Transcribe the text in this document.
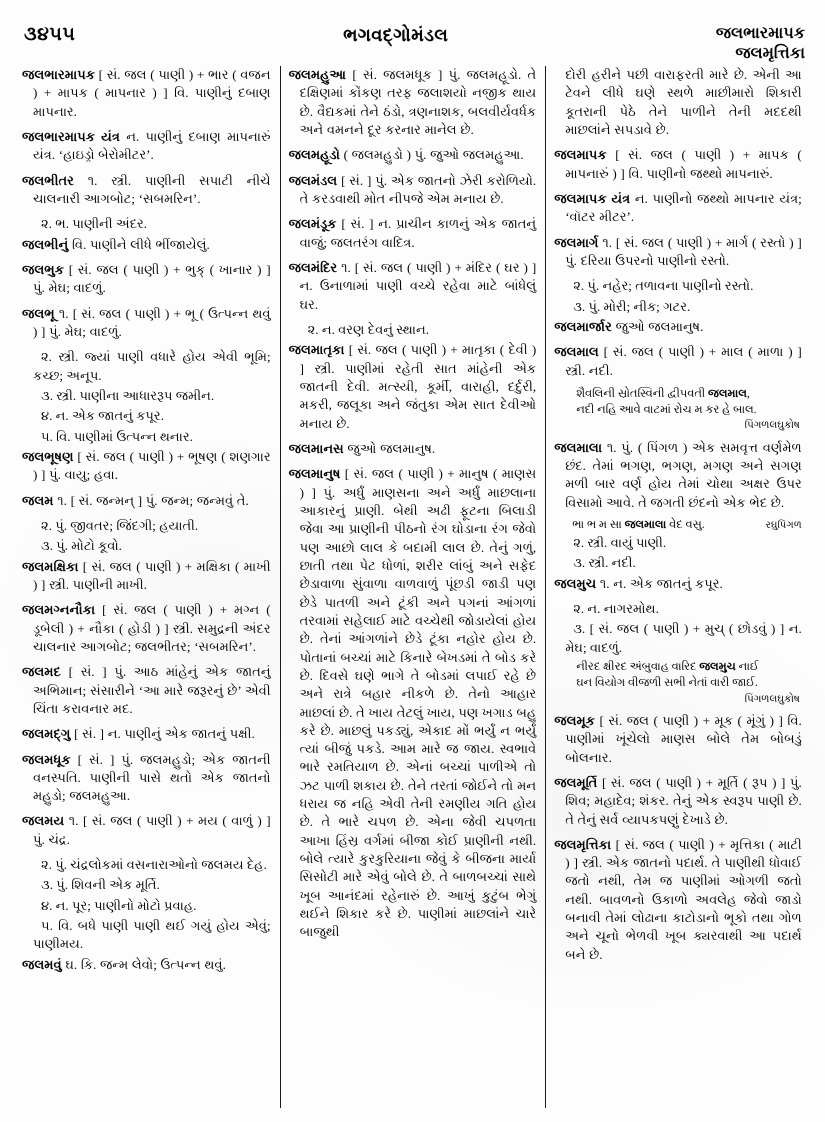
૩૪૫૫	ભગવદ્ગોમંડલ	જલભારમાપક
જલમૃત્તિકા

જલભારમાપક [ સં. જલ ( પાણી ) + ભાર ( વજન ) + માપક ( માપનાર ) ] વિ. પાણીનું દબાણ માપનાર.

જલભારમાપક યંત્ર ન. પાણીનું દબાણ માપનારું યંત્ર. ‘હાઇડ્રો બેરોમીટર’.

જલભીતર ૧. સ્ત્રી. પાણીની સપાટી નીચે ચાલનારી આગબોટ; ‘સબમરિન’.

૨. ભ. પાણીની અંદર.

જલભીનું વિ. પાણીને લીધે ભીંજાયેલું.

જલભુક [ સં. જલ ( પાણી ) + ભુક્ ( ખાનાર ) ] પું. મેઘ; વાદળું.

જલભૂ ૧. [ સં. જલ ( પાણી ) + ભૂ ( ઉત્પન્ન થવું ) ] પું. મેઘ; વાદળું.

૨. સ્ત્રી. જ્યાં પાણી વધારે હોય એવી ભૂમિ; કચ્છ; અનૂપ.

૩. સ્ત્રી. પાણીના આધારરૂપ જમીન.

૪. ન. એક જાતનું કપૂર.

૫. વિ. પાણીમાં ઉત્પન્ન થનાર.

જલભૂષણ [ સં. જલ ( પાણી ) + ભૂષણ ( શણગાર ) ] પું. વાયુ; હવા.

જલમ ૧. [ સં. જન્મન્ ] પું. જન્મ; જન્મવું તે.

૨. પું. જીવતર; જિંદગી; હયાતી.

૩. પું. મોટો કૂવો.

જલમક્ષિકા [ સં. જલ ( પાણી ) + મક્ષિકા ( માખી ) ] સ્ત્રી. પાણીની માખી.

જલમગ્નનૌકા [ સં. જલ ( પાણી ) + મગ્ન ( ડૂબેલી ) + નૌકા ( હોડી ) ] સ્ત્રી. સમુદ્રની અંદર ચાલનાર આગબોટ; જલભીતર; ‘સબમરિન’.

જલમદ [ સં. ] પું. આઠ માંહેનું એક જાતનું અભિમાન; સંસારીને ‘આ મારે જરૂરનું છે’ એવી ચિંતા કરાવનાર મદ.

જલમદ્ગુ [ સં. ] ન. પાણીનું એક જાતનું પક્ષી.

જલમધૂક [ સં. ] પું. જલમહુડો; એક જાતની વનસ્પતિ. પાણીની પાસે થતો એક જાતનો મહુડો; જલમહુઆ.

જલમય ૧. [ સં. જલ ( પાણી ) + મય ( વાળું ) ] પું. ચંદ્ર.

૨. પું. ચંદ્રલોકમાં વસનારાઓનો જલમય દેહ.

૩. પું. શિવની એક મૂર્તિ.

૪. ન. પૂર; પાણીનો મોટો પ્રવાહ.

૫. વિ. બધે પાણી પાણી થઈ ગયું હોય એવું; પાણીમય.

જલમવું ઘ. કિ. જન્મ લેવો; ઉત્પન્ન થવું.

જલમહુઆ [ સં. જલમધૂક ] પું. જલમહૂડો. તે દક્ષિણમાં કોંકણ તરફ જલાશયો નજીક થાય છે. વૈદ્યકમાં તેને ઠંડો, ત્રણનાશક, બલવીર્યવર્ધક અને વમનને દૂર કરનાર માનેલ છે.

જલમહૂડો ( જલમહુડો ) પું. જુઓ જલમહુઆ.

જલમંડલ [ સં. ] પું. એક જાતનો ઝેરી કરોળિયો. તે કરડવાથી મોત નીપજે એમ મનાય છે.

જલમંડૂક [ સં. ] ન. પ્રાચીન કાળનું એક જાતનું વાજું; જલતરંગ વાદિત્ર.

જલમંદિર ૧. [ સં. જલ ( પાણી ) + મંદિર ( ઘર ) ] ન. ઉનાળામાં પાણી વચ્ચે રહેવા માટે બાંધેલું ઘર.

૨. ન. વરણ દેવનું સ્થાન.

જલમાતૃકા [ સં. જલ ( પાણી ) + માતૃકા ( દેવી ) ] સ્ત્રી. પાણીમાં રહેતી સાત માંહેની એક જાતની દેવી. મત્સ્યી, કૂર્મી, વારાહી, દર્દુરી, મકરી, જલૂકા અને જંતુકા એમ સાત દેવીઓ મનાય છે.

જલમાનસ જુઓ જલમાનુષ.

જલમાનુષ [ સં. જલ ( પાણી ) + માનુષ ( માણસ ) ] પું. અર્ધું માણસના અને અર્ધું માછલાના આકારનું પ્રાણી. બેથી અઢી ફૂટના બિલાડી જેવા આ પ્રાણીની પીઠનો રંગ ઘોડાના રંગ જેવો પણ આછો લાલ કે બદામી લાલ છે. તેનું ગળું, છાતી તથા પેટ ધોળાં, શરીર લાંબું અને સફેદ છેડાવાળા સુંવાળા વાળવાળું પૂંછડી જાડી પણ છેડે પાતળી અને ટૂંકી અને પગનાં આંગળાં તરવામાં સહેલાઈ માટે વચ્ચેથી જોડાયેલાં હોય છે. તેનાં આંગળાંને છેડે ટૂંકા નહોર હોય છે. પોતાનાં બચ્ચાં માટે કિનારે બેખડમાં તે બોડ કરે છે. દિવસે ઘણે ભાગે તે બોડમાં લપાઈ રહે છે અને રાત્રે બહાર નીકળે છે. તેનો આહાર માછલાં છે. તે ખાય તેટલું ખાય, પણ ખગાડ બહુ કરે છે. માછલું પકડ્યું, એકાદ મોં ભર્યું ન ભર્યું ત્યાં બીજું પકડે. આમ મારે જ જાય. સ્વભાવે ભારે રમતિયાળ છે. એનાં બચ્ચાં પાળીએ તો ઝટ પાળી શકાય છે. તેને તરતાં જોઈને તો મન ધરાય જ નહિ એવી તેની રમણીય ગતિ હોય છે. તે ભારે ચપળ છે. એના જેવી ચપળતા આખા હિંસ્ર વર્ગમાં બીજા કોઈ પ્રાણીની નથી. બોલે ત્યારે કુરકુરિયાના જેવું કે બીજના માર્યા સિસોટી મારે એવું બોલે છે. તે બાળબચ્ચાં સાથે ખૂબ આનંદમાં રહેનારું છે. આખું કુટુંબ ભેગું થઈને શિકાર કરે છે. પાણીમાં માછલાંને ચારે બાજુથી

દોરી હરીને પછી વારાફરતી મારે છે. એની આ ટેવને લીધે ઘણે સ્થળે માછીમારો શિકારી કૂતરાની પેઠે તેને પાળીને તેની મદદથી માછલાંને સપડાવે છે.

જલમાપક [ સં. જલ ( પાણી ) + માપક ( માપનારું ) ] વિ. પાણીનો જથ્થો માપનારું.

જલમાપક યંત્ર ન. પાણીનો જથ્થો માપનાર યંત્ર; ‘વૉટર મીટર’.

જલમાર્ગ ૧. [ સં. જલ ( પાણી ) + માર્ગ ( રસ્તો ) ] પું. દરિયા ઉપરનો પાણીનો રસ્તો.

૨. પું. નહેર; તળાવના પાણીનો રસ્તો.

૩. પું. મોરી; નીક; ગટર.

જલમાર્જાર જુઓ જલમાનુષ.

જલમાલ [ સં. જલ ( પાણી ) + માલ ( માળા ) ] સ્ત્રી. નદી.

શૈવલિની સ્રોતસ્વિની દ્વીપવતી જલમાલ,
નદી નહિ આવે વાટમાં રોચ મ કર હે બાલ.
પિંગળલઘુકોષ

જલમાલા ૧. પું. ( પિંગળ ) એક સમવૃત્ત વર્ણમેળ છંદ. તેમાં ભગણ, ભગણ, મગણ અને સગણ મળી બાર વર્ણ હોય તેમાં ચોથા અક્ષર ઉપર વિસામો આવે. તે જગતી છંદનો એક ભેદ છે.

ભા ભ મ સા જલમાલા વેદ વસુ.	રઘુપિંગળ

૨. સ્ત્રી. વાયું પાણી.

૩. સ્ત્રી. નદી.

જલમુચ ૧. ન. એક જાતનું કપૂર.

૨. ન. નાગરમોથ.

૩. [ સં. જલ ( પાણી ) + મુચ્ ( છોડવું ) ] ન. મેઘ; વાદળું.

નીરદ ક્ષીરદ અંબુવાહ વારિદ જલમુચ નાઈ
ઘન વિયોગ વીજળી સભી નેતાં વારી જાઈ.
પિંગળલઘુકોષ

જલમૂક [ સં. જલ ( પાણી ) + મૂક ( મૂંગું ) ] વિ. પાણીમાં ખૂંચેલો માણસ બોલે તેમ બોબડું બોલનાર.

જલમૂર્તિ [ સં. જલ ( પાણી ) + મૂર્તિ ( રૂપ ) ] પું. શિવ; મહાદેવ; શંકર. તેનું એક સ્વરૂપ પાણી છે. તે તેનું સર્વ વ્યાપકપણું દેખાડે છે.

જલમૃત્તિકા [ સં. જલ ( પાણી ) + મૃત્તિકા ( માટી ) ] સ્ત્રી. એક જાતનો પદાર્થ. તે પાણીથી ધોવાઈ જતો નથી, તેમ જ પાણીમાં ઓગળી જતો નથી. બાવળનો ઉકાળો અવલેહ જેવો જાડો બનાવી તેમાં લોઢાના કાટોડાનો ભૂકો તથા ગોળ અને ચૂનો ભેળવી ખૂબ ક્યરવાથી આ પદાર્થ બને છે.
